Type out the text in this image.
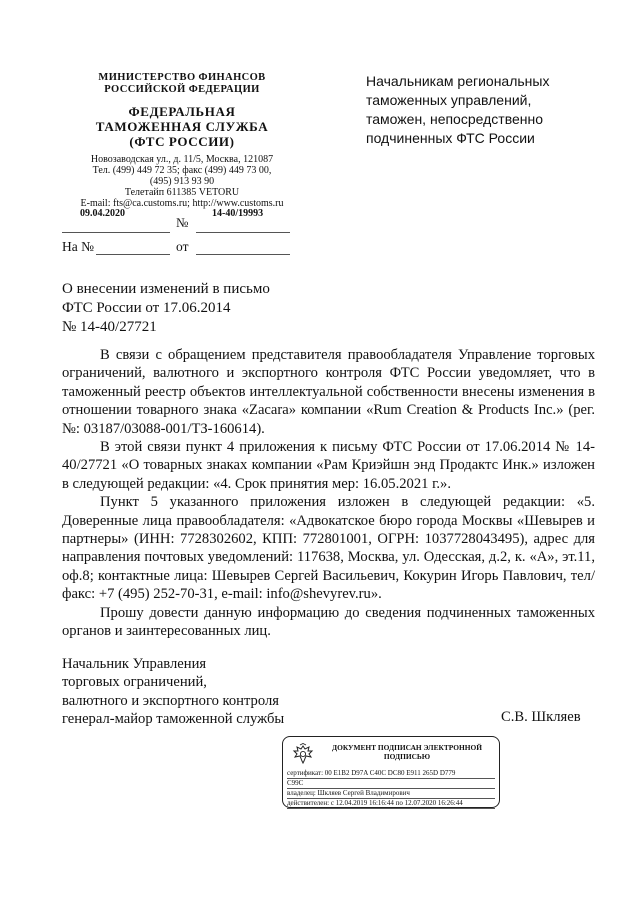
МИНИСТЕРСТВО ФИНАНСОВ
РОССИЙСКОЙ ФЕДЕРАЦИИ
ФЕДЕРАЛЬНАЯ
ТАМОЖЕННАЯ СЛУЖБА
(ФТС РОССИИ)
Новозаводская ул., д. 11/5, Москва, 121087
Тел. (499) 449 72 35; факс (499) 449 73 00,
(495) 913 93 90
Телетайп 611385 VETORU
E-mail: fts@ca.customs.ru; http://www.customs.ru
09.04.2020	14-40/19993
№
На №	от
Начальникам региональных
таможенных управлений,
таможен, непосредственно
подчиненных ФТС России
О внесении изменений в письмо
ФТС России от 17.06.2014
№ 14-40/27721

В связи с обращением представителя правообладателя Управление торговых ограничений, валютного и экспортного контроля ФТС России уведомляет, что в таможенный реестр объектов интеллектуальной собственности внесены изменения в отношении товарного знака «Zacara» компании «Rum Creation & Products Inc.» (рег. №: 03187/03088-001/ТЗ-160614).

В этой связи пункт 4 приложения к письму ФТС России от 17.06.2014 № 14-40/27721 «О товарных знаках компании «Рам Криэйшн энд Продактс Инк.» изложен в следующей редакции: «4. Срок принятия мер: 16.05.2021 г.».

Пункт 5 указанного приложения изложен в следующей редакции: «5. Доверенные лица правообладателя: «Адвокатское бюро города Москвы «Шевырев и партнеры» (ИНН: 7728302602, КПП: 772801001, ОГРН: 1037728043495), адрес для направления почтовых уведомлений: 117638, Москва, ул. Одесская, д.2, к. «А», эт.11, оф.8; контактные лица: Шевырев Сергей Васильевич, Кокурин Игорь Павлович, тел/факс: +7 (495) 252-70-31, e-mail: info@shevyrev.ru».

Прошу довести данную информацию до сведения подчиненных таможенных органов и заинтересованных лиц.

Начальник Управления
торговых ограничений,
валютного и экспортного контроля
генерал-майор таможенной службы	С.В. Шкляев
ДОКУМЕНТ ПОДПИСАН ЭЛЕКТРОННОЙ
ПОДПИСЬЮ
сертификат: 00 E1B2 D97A C40C DC80 E911 265D D779
C99C
владелец: Шкляев Сергей Владимирович
действителен: с 12.04.2019 16:16:44 по 12.07.2020 16:26:44
